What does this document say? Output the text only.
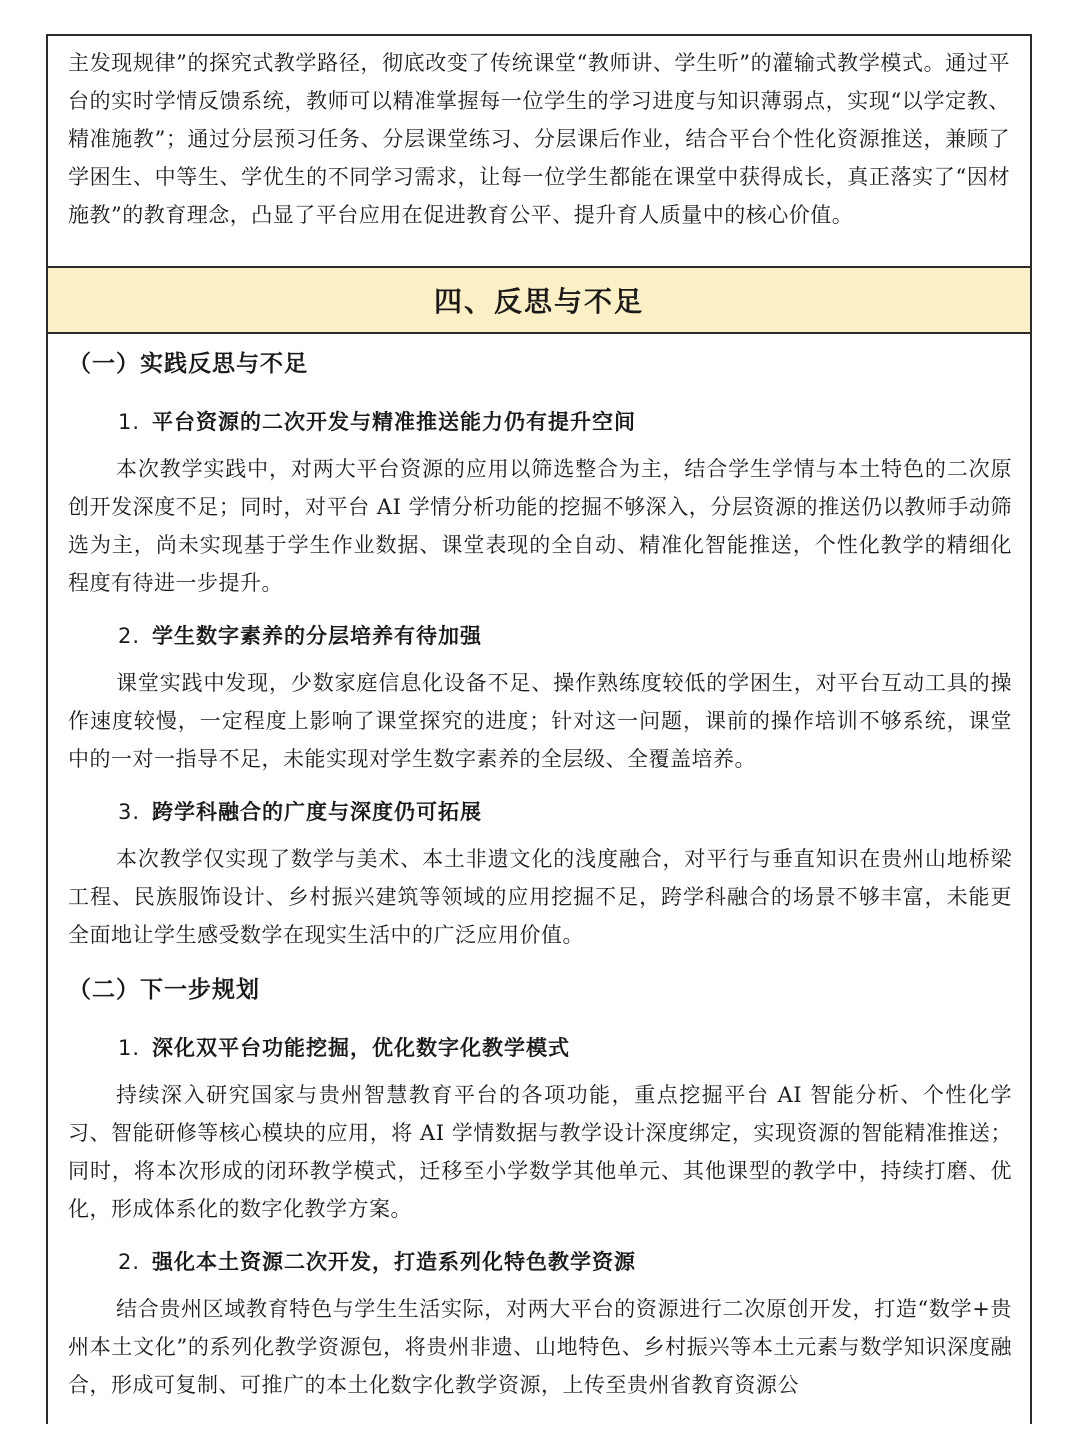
主发现规律”的探究式教学路径，彻底改变了传统课堂“教师讲、学生听”的灌输式教学模式。通过平台的实时学情反馈系统，教师可以精准掌握每一位学生的学习进度与知识薄弱点，实现“以学定教、精准施教”；通过分层预习任务、分层课堂练习、分层课后作业，结合平台个性化资源推送，兼顾了学困生、中等生、学优生的不同学习需求，让每一位学生都能在课堂中获得成长，真正落实了“因材施教”的教育理念，凸显了平台应用在促进教育公平、提升育人质量中的核心价值。

四、反思与不足
（一）实践反思与不足
1. 平台资源的二次开发与精准推送能力仍有提升空间

本次教学实践中，对两大平台资源的应用以筛选整合为主，结合学生学情与本土特色的二次原创开发深度不足；同时，对平台 AI 学情分析功能的挖掘不够深入，分层资源的推送仍以教师手动筛选为主，尚未实现基于学生作业数据、课堂表现的全自动、精准化智能推送，个性化教学的精细化程度有待进一步提升。

2. 学生数字素养的分层培养有待加强

课堂实践中发现，少数家庭信息化设备不足、操作熟练度较低的学困生，对平台互动工具的操作速度较慢，一定程度上影响了课堂探究的进度；针对这一问题，课前的操作培训不够系统，课堂中的一对一指导不足，未能实现对学生数字素养的全层级、全覆盖培养。

3. 跨学科融合的广度与深度仍可拓展

本次教学仅实现了数学与美术、本土非遗文化的浅度融合，对平行与垂直知识在贵州山地桥梁工程、民族服饰设计、乡村振兴建筑等领域的应用挖掘不足，跨学科融合的场景不够丰富，未能更全面地让学生感受数学在现实生活中的广泛应用价值。

（二）下一步规划
1. 深化双平台功能挖掘，优化数字化教学模式

持续深入研究国家与贵州智慧教育平台的各项功能，重点挖掘平台 AI 智能分析、个性化学习、智能研修等核心模块的应用，将 AI 学情数据与教学设计深度绑定，实现资源的智能精准推送；同时，将本次形成的闭环教学模式，迁移至小学数学其他单元、其他课型的教学中，持续打磨、优化，形成体系化的数字化教学方案。

2. 强化本土资源二次开发，打造系列化特色教学资源

结合贵州区域教育特色与学生生活实际，对两大平台的资源进行二次原创开发，打造“数学+贵州本土文化”的系列化教学资源包，将贵州非遗、山地特色、乡村振兴等本土元素与数学知识深度融合，形成可复制、可推广的本土化数字化教学资源，上传至贵州省教育资源公
